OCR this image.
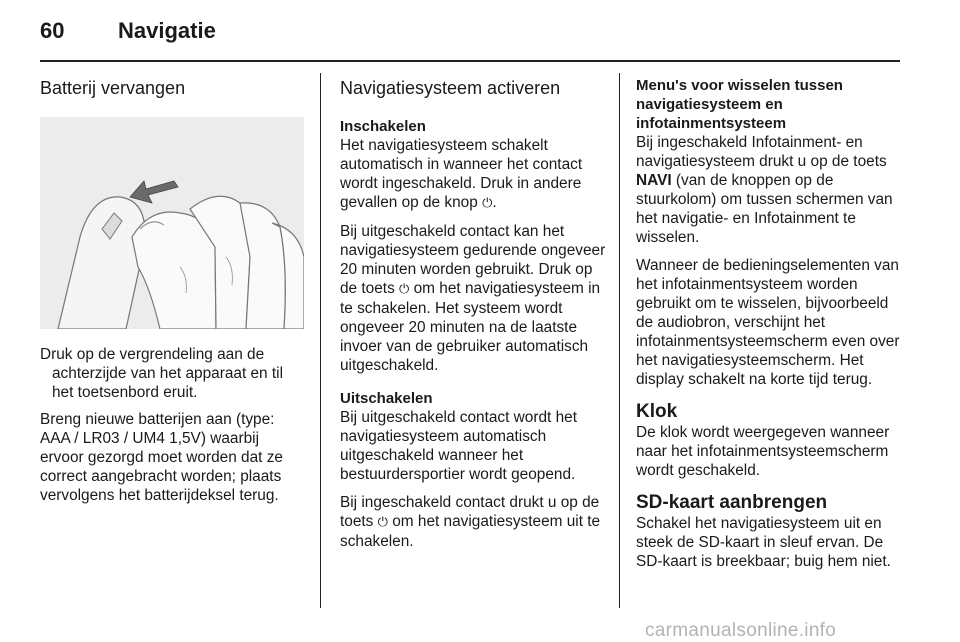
60 Navigatie
Batterij vervangen

Druk op de vergrendeling aan de achterzijde van het apparaat en til het toetsenbord eruit.

Breng nieuwe batterijen aan (type: AAA / LR03 / UM4 1,5V) waarbij ervoor gezorgd moet worden dat ze correct aangebracht worden; plaats vervolgens het batterijdeksel terug.

Navigatiesysteem activeren
Inschakelen

Het navigatiesysteem schakelt automatisch in wanneer het contact wordt ingeschakeld. Druk in andere gevallen op de knop ⏻.

Bij uitgeschakeld contact kan het navigatiesysteem gedurende ongeveer 20 minuten worden gebruikt. Druk op de toets ⏻ om het navigatiesysteem in te schakelen. Het systeem wordt ongeveer 20 minuten na de laatste invoer van de gebruiker automatisch uitgeschakeld.

Uitschakelen

Bij uitgeschakeld contact wordt het navigatiesysteem automatisch uitgeschakeld wanneer het bestuurdersportier wordt geopend.

Bij ingeschakeld contact drukt u op de toets ⏻ om het navigatiesysteem uit te schakelen.

Menu's voor wisselen tussen navigatiesysteem en infotainmentsysteem

Bij ingeschakeld Infotainment- en navigatiesysteem drukt u op de toets NAVI (van de knoppen op de stuurkolom) om tussen schermen van het navigatie- en Infotainment te wisselen.

Wanneer de bedieningselementen van het infotainmentsysteem worden gebruikt om te wisselen, bijvoorbeeld de audiobron, verschijnt het infotainmentsysteemscherm even over het navigatiesysteemscherm. Het display schakelt na korte tijd terug.

Klok

De klok wordt weergegeven wanneer naar het infotainmentsysteemscherm wordt geschakeld.

SD-kaart aanbrengen

Schakel het navigatiesysteem uit en steek de SD-kaart in sleuf ervan. De SD-kaart is breekbaar; buig hem niet.

carmanualsonline.info
